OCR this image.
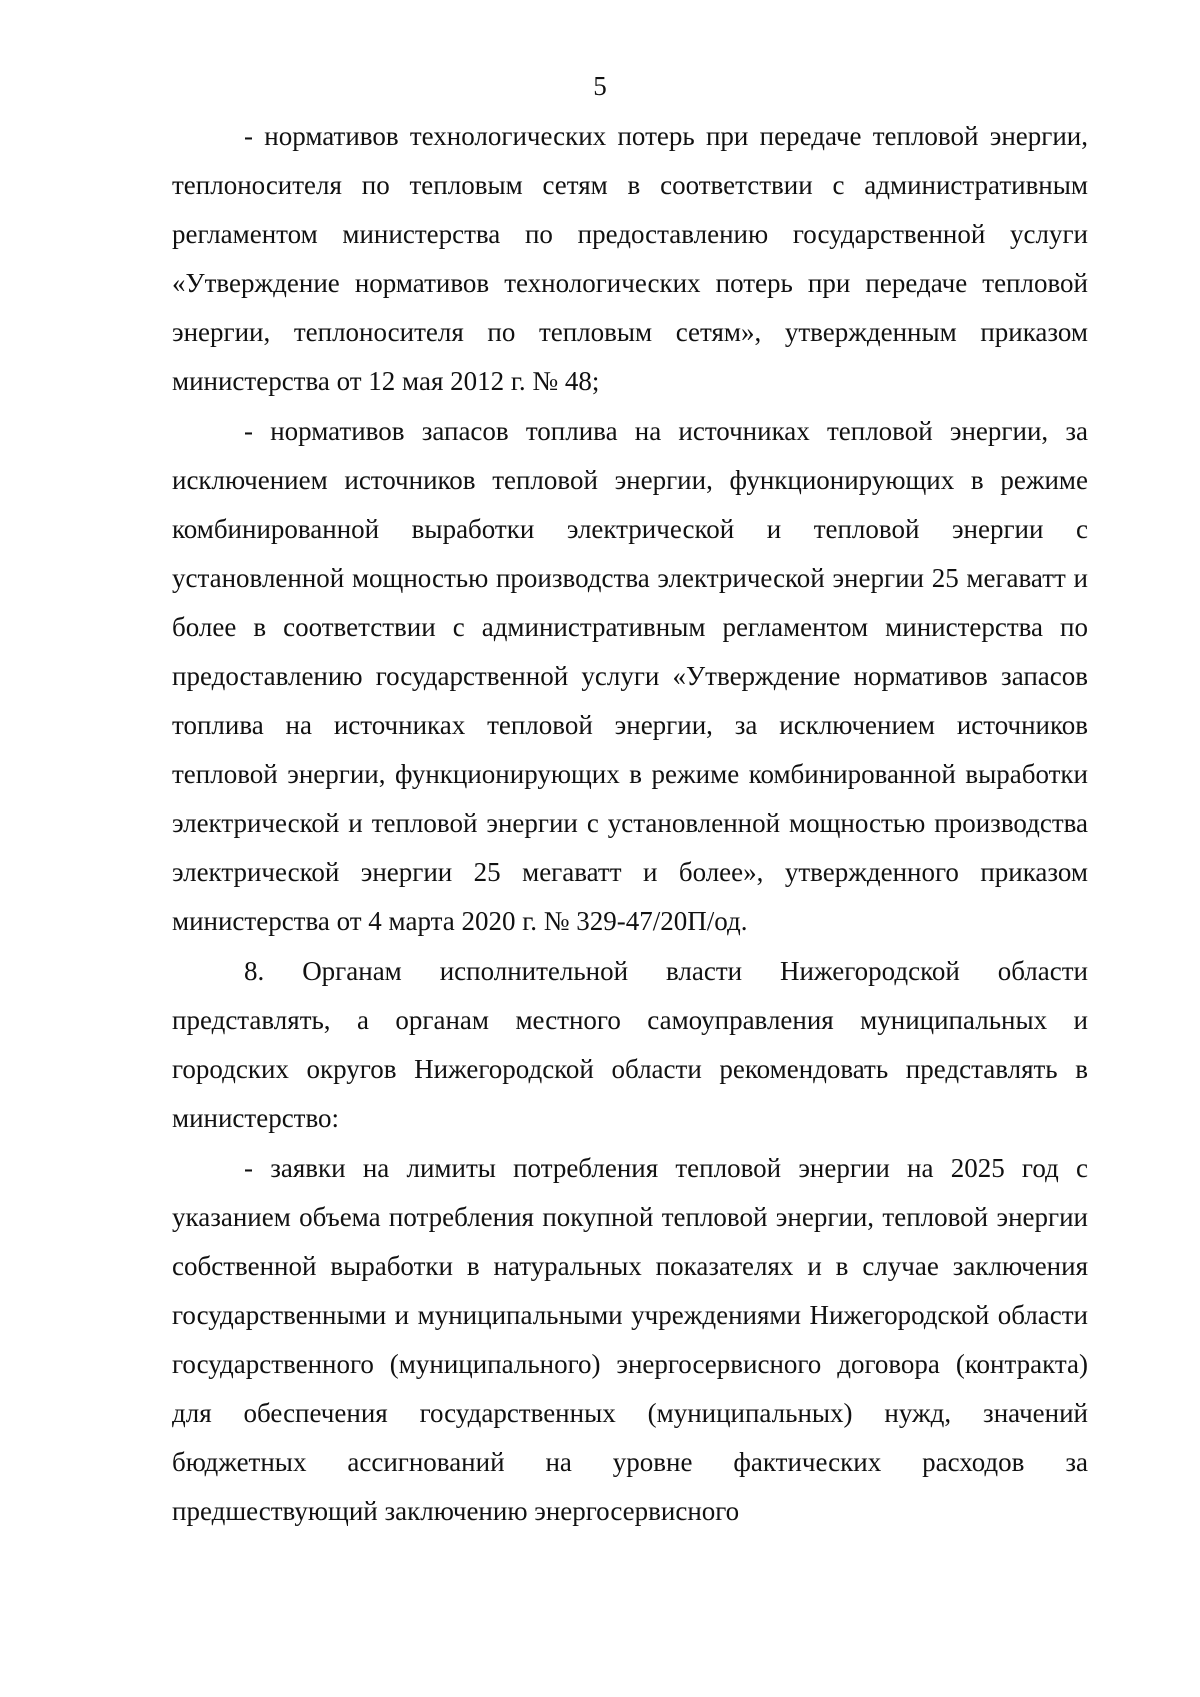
5

- нормативов технологических потерь при передаче тепловой энергии, теплоносителя по тепловым сетям в соответствии с административным регламентом министерства по предоставлению государственной услуги «Утверждение нормативов технологических потерь при передаче тепловой энергии, теплоносителя по тепловым сетям», утвержденным приказом министерства от 12 мая 2012 г. № 48;

- нормативов запасов топлива на источниках тепловой энергии, за исключением источников тепловой энергии, функционирующих в режиме комбинированной выработки электрической и тепловой энергии с установленной мощностью производства электрической энергии 25 мегаватт и более в соответствии с административным регламентом министерства по предоставлению государственной услуги «Утверждение нормативов запасов топлива на источниках тепловой энергии, за исключением источников тепловой энергии, функционирующих в режиме комбинированной выработки электрической и тепловой энергии с установленной мощностью производства электрической энергии 25 мегаватт и более», утвержденного приказом министерства от 4 марта 2020 г. № 329-47/20П/од.

8. Органам исполнительной власти Нижегородской области представлять, а органам местного самоуправления муниципальных и городских округов Нижегородской области рекомендовать представлять в министерство:

- заявки на лимиты потребления тепловой энергии на 2025 год с указанием объема потребления покупной тепловой энергии, тепловой энергии собственной выработки в натуральных показателях и в случае заключения государственными и муниципальными учреждениями Нижегородской области государственного (муниципального) энергосервисного договора (контракта) для обеспечения государственных (муниципальных) нужд, значений бюджетных ассигнований на уровне фактических расходов за предшествующий заключению энергосервисного
